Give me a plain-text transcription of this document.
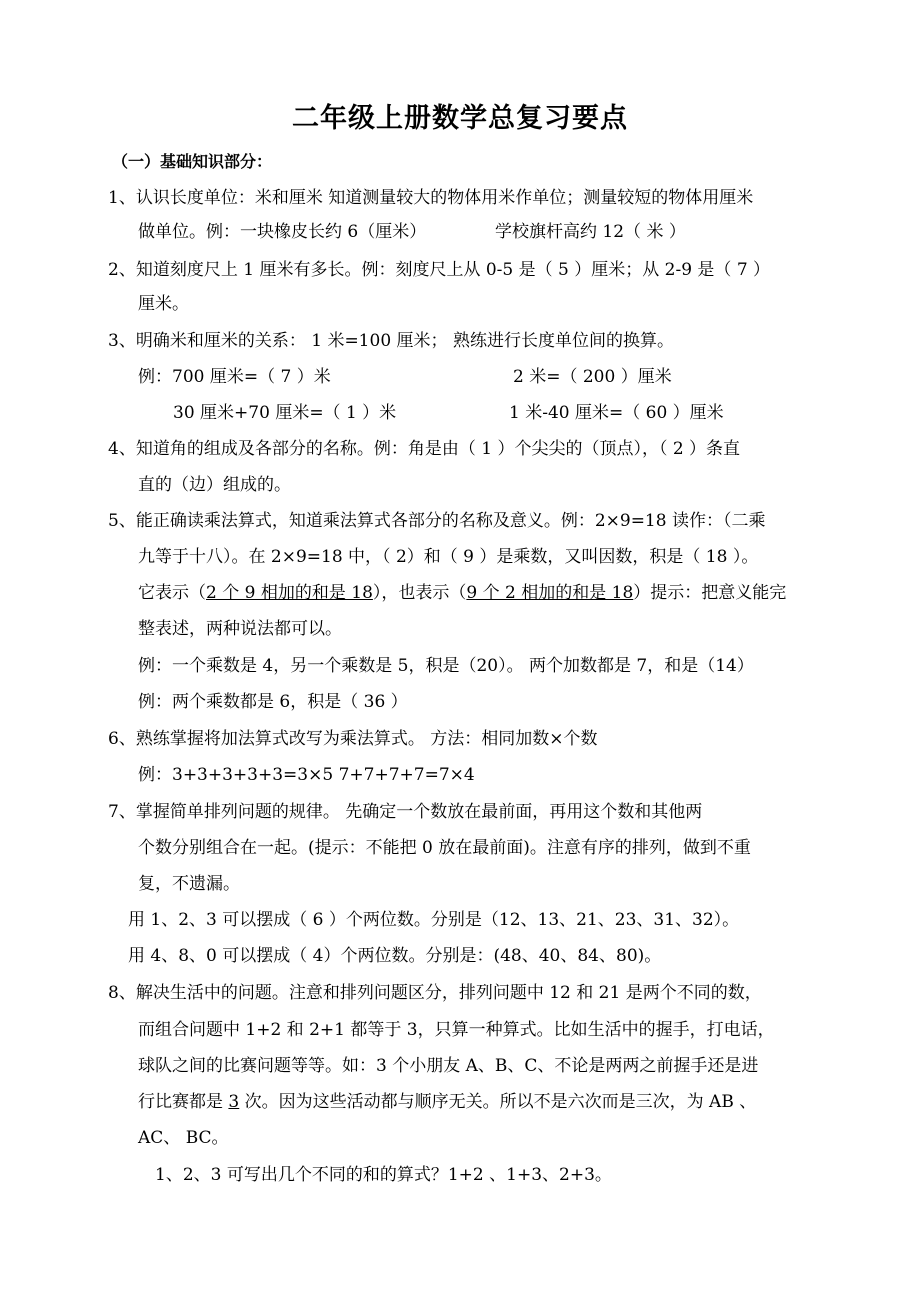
二年级上册数学总复习要点
（一）基础知识部分：
1、认识长度单位：米和厘米 知道测量较大的物体用米作单位；测量较短的物体用厘米
做单位。例：一块橡皮长约 6（厘米）	学校旗杆高约 12（ 米 ）
2、知道刻度尺上 1 厘米有多长。例：刻度尺上从 0-5 是（ 5 ）厘米；从 2-9 是（ 7 ）
厘米。
3、明确米和厘米的关系： 1 米=100 厘米； 熟练进行长度单位间的换算。
例：700 厘米=（ 7 ）米	2 米=（ 200 ）厘米
30 厘米+70 厘米=（ 1 ）米	1 米-40 厘米=（ 60 ）厘米
4、知道角的组成及各部分的名称。例：角是由（ 1 ）个尖尖的（顶点），（ 2 ）条直
直的（边）组成的。
5、能正确读乘法算式，知道乘法算式各部分的名称及意义。例：2×9=18 读作：（二乘
九等于十八）。在 2×9=18 中，（ 2）和（ 9 ）是乘数，又叫因数，积是（ 18 ）。
它表示（2 个 9 相加的和是 18），也表示（9 个 2 相加的和是 18）提示：把意义能完
整表述，两种说法都可以。
例：一个乘数是 4，另一个乘数是 5，积是（20）。 两个加数都是 7，和是（14）
例：两个乘数都是 6，积是（ 36 ）
6、熟练掌握将加法算式改写为乘法算式。 方法：相同加数×个数
例：3+3+3+3+3=3×5 7+7+7+7=7×4
7、掌握简单排列问题的规律。 先确定一个数放在最前面，再用这个数和其他两
个数分别组合在一起。(提示：不能把 0 放在最前面)。注意有序的排列，做到不重
复，不遗漏。
用 1、2、3 可以摆成（ 6 ）个两位数。分别是（12、13、21、23、31、32）。
用 4、8、0 可以摆成（ 4）个两位数。分别是：(48、40、84、80)。
8、解决生活中的问题。注意和排列问题区分，排列问题中 12 和 21 是两个不同的数，
而组合问题中 1+2 和 2+1 都等于 3，只算一种算式。比如生活中的握手，打电话，
球队之间的比赛问题等等。如：3 个小朋友 A、B、C、不论是两两之前握手还是进
行比赛都是 3 次。因为这些活动都与顺序无关。所以不是六次而是三次，为 AB 、
AC、 BC。
1、2、3 可写出几个不同的和的算式？1+2 、1+3、2+3。
